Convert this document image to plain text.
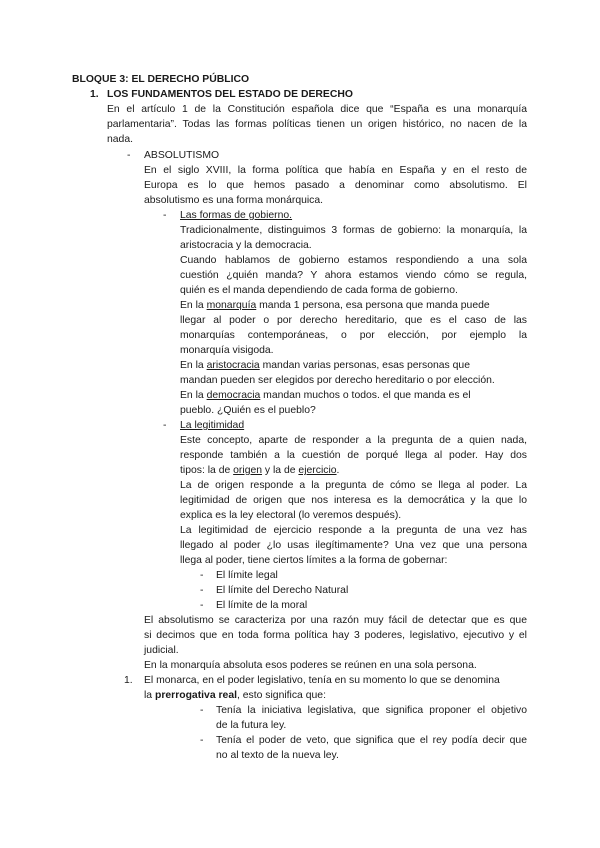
BLOQUE 3: EL DERECHO PÚBLICO
1. LOS FUNDAMENTOS DEL ESTADO DE DERECHO
En el artículo 1 de la Constitución española dice que “España es una monarquía
parlamentaria”. Todas las formas políticas tienen un origen histórico, no nacen de la
nada.
- ABSOLUTISMO
En el siglo XVIII, la forma política que había en España y en el resto de
Europa es lo que hemos pasado a denominar como absolutismo. El
absolutismo es una forma monárquica.
- Las formas de gobierno.
Tradicionalmente, distinguimos 3 formas de gobierno: la monarquía, la
aristocracia y la democracia.
Cuando hablamos de gobierno estamos respondiendo a una sola
cuestión ¿quién manda? Y ahora estamos viendo cómo se regula,
quién es el manda dependiendo de cada forma de gobierno.
En la monarquía manda 1 persona, esa persona que manda puede
llegar al poder o por derecho hereditario, que es el caso de las
monarquías contemporáneas, o por elección, por ejemplo la
monarquía visigoda.
En la aristocracia mandan varias personas, esas personas que
mandan pueden ser elegidos por derecho hereditario o por elección.
En la democracia mandan muchos o todos. el que manda es el
pueblo. ¿Quién es el pueblo?
- La legitimidad
Este concepto, aparte de responder a la pregunta de a quien nada,
responde también a la cuestión de porqué llega al poder. Hay dos
tipos: la de origen y la de ejercicio.
La de origen responde a la pregunta de cómo se llega al poder. La
legitimidad de origen que nos interesa es la democrática y la que lo
explica es la ley electoral (lo veremos después).
La legitimidad de ejercicio responde a la pregunta de una vez has
llegado al poder ¿lo usas ilegítimamente? Una vez que una persona
llega al poder, tiene ciertos límites a la forma de gobernar:
- El límite legal
- El límite del Derecho Natural
- El límite de la moral
El absolutismo se caracteriza por una razón muy fácil de detectar que es que
si decimos que en toda forma política hay 3 poderes, legislativo, ejecutivo y el
judicial.
En la monarquía absoluta esos poderes se reúnen en una sola persona.
1. El monarca, en el poder legislativo, tenía en su momento lo que se denomina
la prerrogativa real, esto significa que:
- Tenía la iniciativa legislativa, que significa proponer el objetivo
de la futura ley.
- Tenía el poder de veto, que significa que el rey podía decir que
no al texto de la nueva ley.
